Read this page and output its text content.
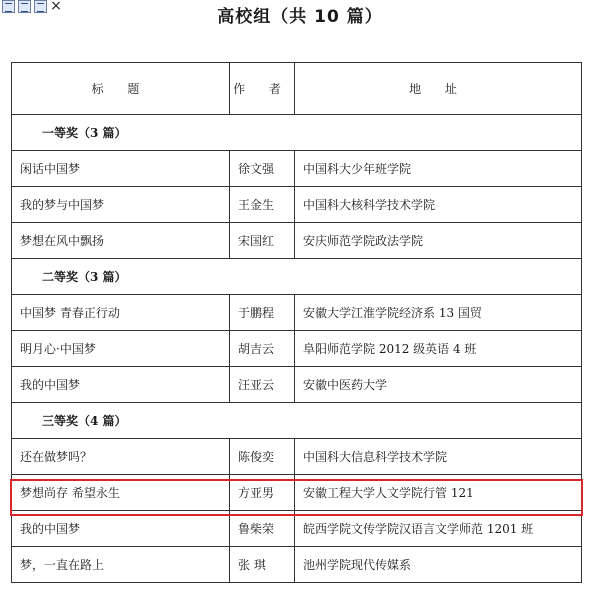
×
高校组（共 10 篇）
标 题	作 者	地 址
一等奖（3 篇）		
闲话中国梦	徐文强	中国科大少年班学院
我的梦与中国梦	王金生	中国科大核科学技术学院
梦想在风中飘扬	宋国红	安庆师范学院政法学院
二等奖（3 篇）		
中国梦 青春正行动	于鹏程	安徽大学江淮学院经济系 13 国贸
明月心·中国梦	胡吉云	阜阳师范学院 2012 级英语 4 班
我的中国梦	汪亚云	安徽中医药大学
三等奖（4 篇）		
还在做梦吗？	陈俊奕	中国科大信息科学技术学院
梦想尚存 希望永生	方亚男	安徽工程大学人文学院行管 121
我的中国梦	鲁柴荣	皖西学院文传学院汉语言文学师范 1201 班
梦，一直在路上	张 琪	池州学院现代传媒系
